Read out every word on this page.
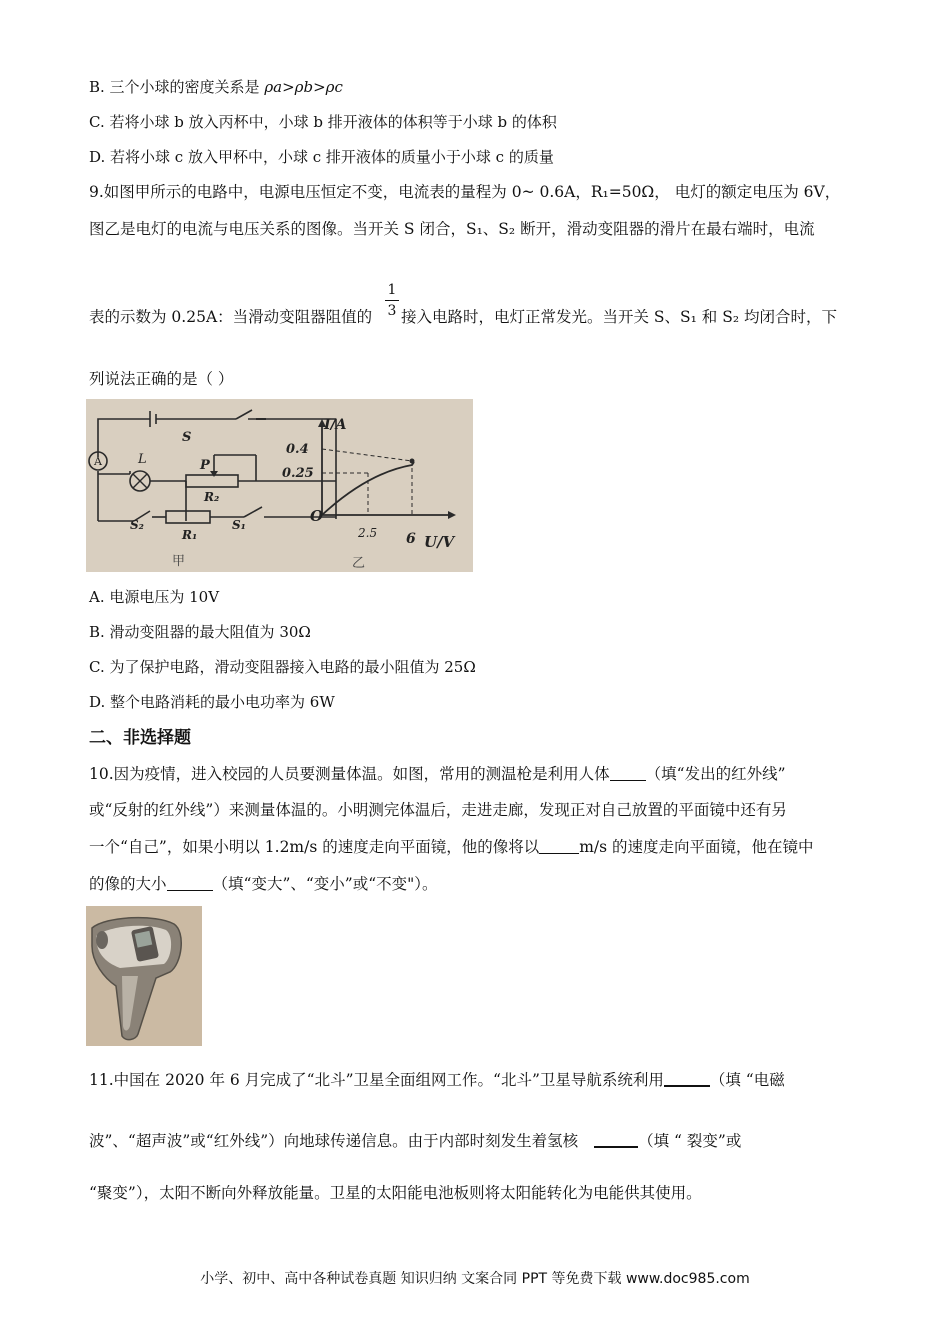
B. 三个小球的密度关系是 ρa>ρb>ρc
C. 若将小球 b 放入丙杯中，小球 b 排开液体的体积等于小球 b 的体积
D. 若将小球 c 放入甲杯中，小球 c 排开液体的质量小于小球 c 的质量
9.如图甲所示的电路中，电源电压恒定不变，电流表的量程为 0~ 0.6A，R₁=50Ω， 电灯的额定电压为 6V，
图乙是电灯的电流与电压关系的图像。当开关 S 闭合，S₁、S₂ 断开，滑动变阻器的滑片在最右端时，电流
表的示数为 0.25A：当滑动变阻器阻值的
1
3 接入电路时，电灯正常发光。当开关 S、S₁ 和 S₂ 均闭合时，下
列说法正确的是（ ）
A	L	P
R₂
R₁
S₂	S₁
S
甲
I/A
0.4
0.25
O
2.5 6 U/V
乙
A. 电源电压为 10V
B. 滑动变阻器的最大阻值为 30Ω
C. 为了保护电路，滑动变阻器接入电路的最小阻值为 25Ω
D. 整个电路消耗的最小电功率为 6W
二、非选择题
10.因为疫情，进入校园的人员要测量体温。如图，常用的测温枪是利用人体 （填“发出的红外线”
或“反射的红外线”）来测量体温的。小明测完体温后，走进走廊，发现正对自己放置的平面镜中还有另
一个“自己”，如果小明以 1.2m/s 的速度走向平面镜，他的像将以	m/s 的速度走向平面镜，他在镜中
的像的大小	（填“变大”、“变小”或“不变"）。
11.中国在 2020 年 6 月完成了“北斗”卫星全面组网工作。“北斗”卫星导航系统利用	（填 “电磁
波”、“超声波”或“红外线”）向地球传递信息。由于内部时刻发生着氢核	（填 “ 裂变”或
“聚变”），太阳不断向外释放能量。卫星的太阳能电池板则将太阳能转化为电能供其使用。
小学、初中、高中各种试卷真题 知识归纳 文案合同 PPT 等免费下载 www.doc985.com
